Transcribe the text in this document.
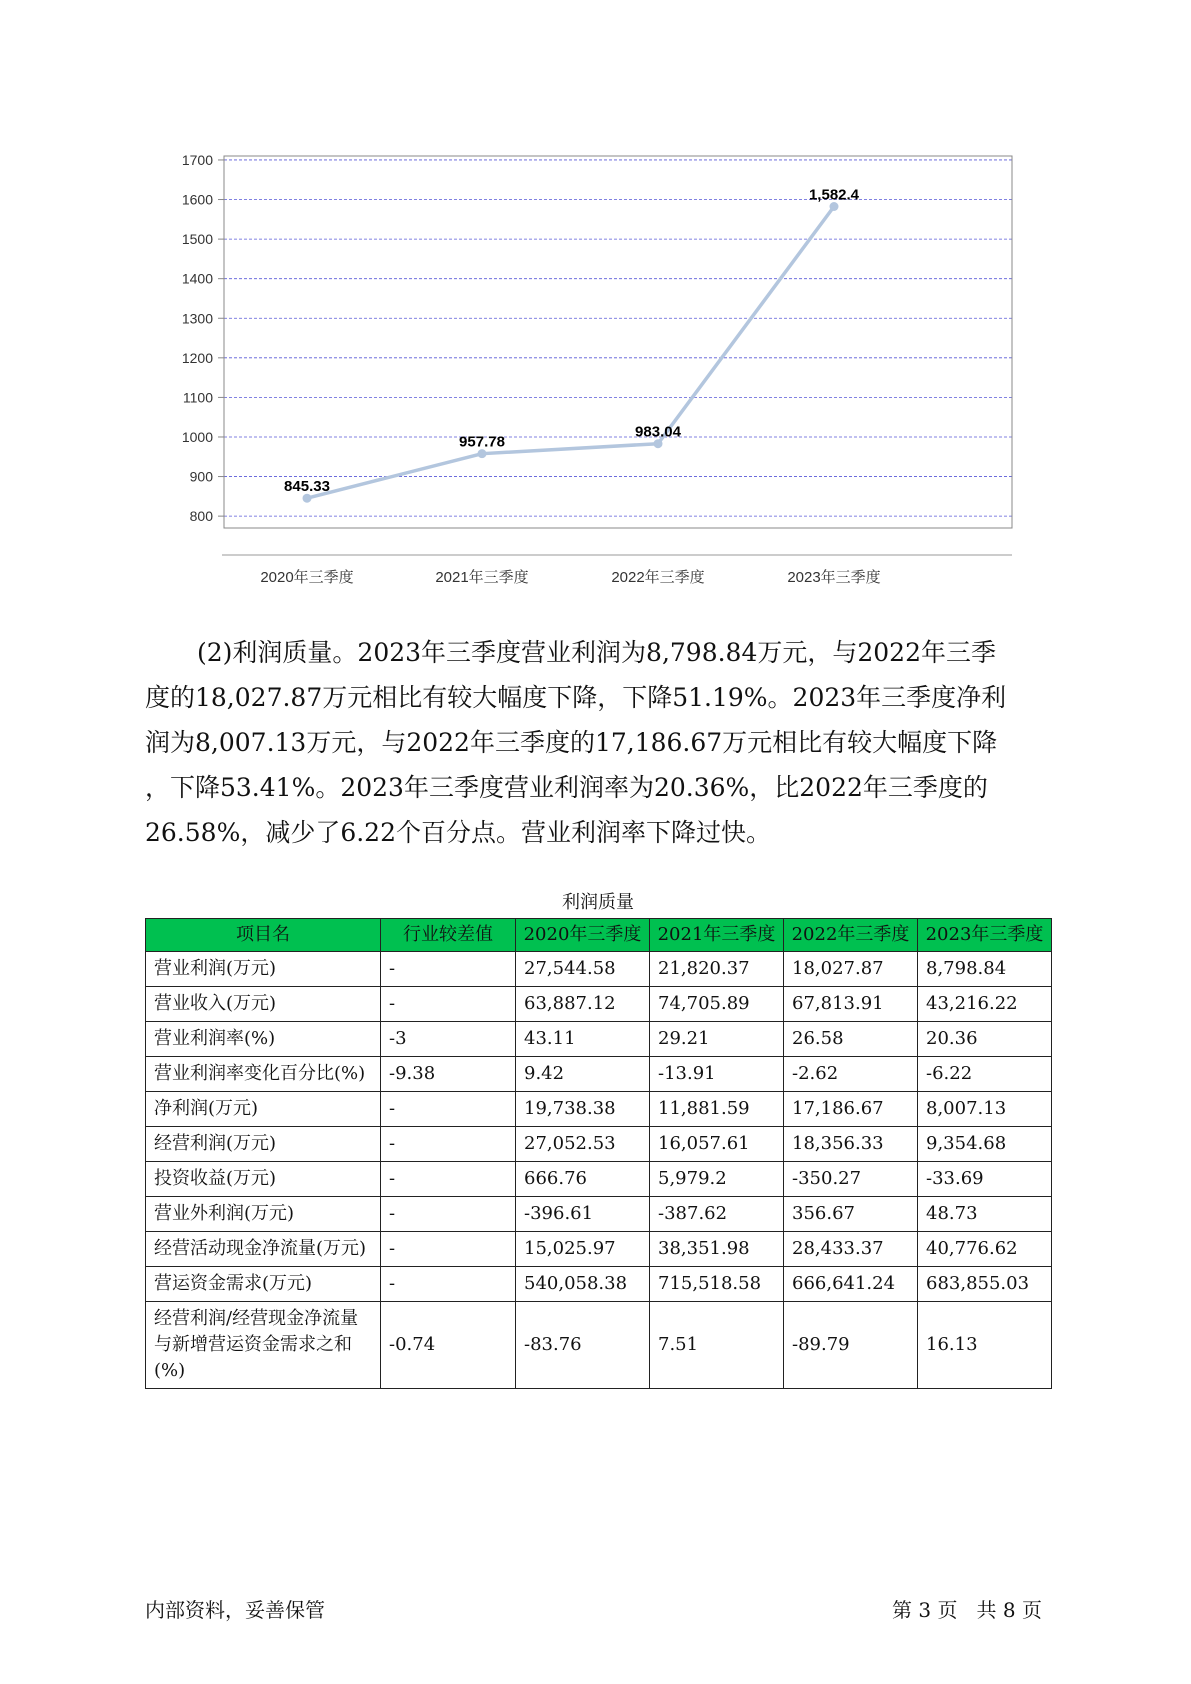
800
900
1000
1100
1200
1300
1400
1500
1600
1700
2020年三季度	2021年三季度	2022年三季度	2023年三季度
845.33
957.78
983.04
1,582.4
(2)利润质量。2023年三季度营业利润为8,798.84万元，与2022年三季
度的18,027.87万元相比有较大幅度下降，下降51.19%。2023年三季度净利
润为8,007.13万元，与2022年三季度的17,186.67万元相比有较大幅度下降
，下降53.41%。2023年三季度营业利润率为20.36%，比2022年三季度的
26.58%，减少了6.22个百分点。营业利润率下降过快。
利润质量
项目名	行业较差值	2020年三季度	2021年三季度	2022年三季度	2023年三季度
营业利润(万元)	-	27,544.58	21,820.37	18,027.87	8,798.84
营业收入(万元)	-	63,887.12	74,705.89	67,813.91	43,216.22
营业利润率(%)	-3	43.11	29.21	26.58	20.36
营业利润率变化百分比(%)	-9.38	9.42	-13.91	-2.62	-6.22
净利润(万元)	-	19,738.38	11,881.59	17,186.67	8,007.13
经营利润(万元)	-	27,052.53	16,057.61	18,356.33	9,354.68
投资收益(万元)	-	666.76	5,979.2	-350.27	-33.69
营业外利润(万元)	-	-396.61	-387.62	356.67	48.73
经营活动现金净流量(万元)	-	15,025.97	38,351.98	28,433.37	40,776.62
营运资金需求(万元)	-	540,058.38	715,518.58	666,641.24	683,855.03
经营利润/经营现金净流量与新增营运资金需求之和(%)	-0.74	-83.76	7.51	-89.79	16.13
内部资料，妥善保管	第 3 页   共 8 页
